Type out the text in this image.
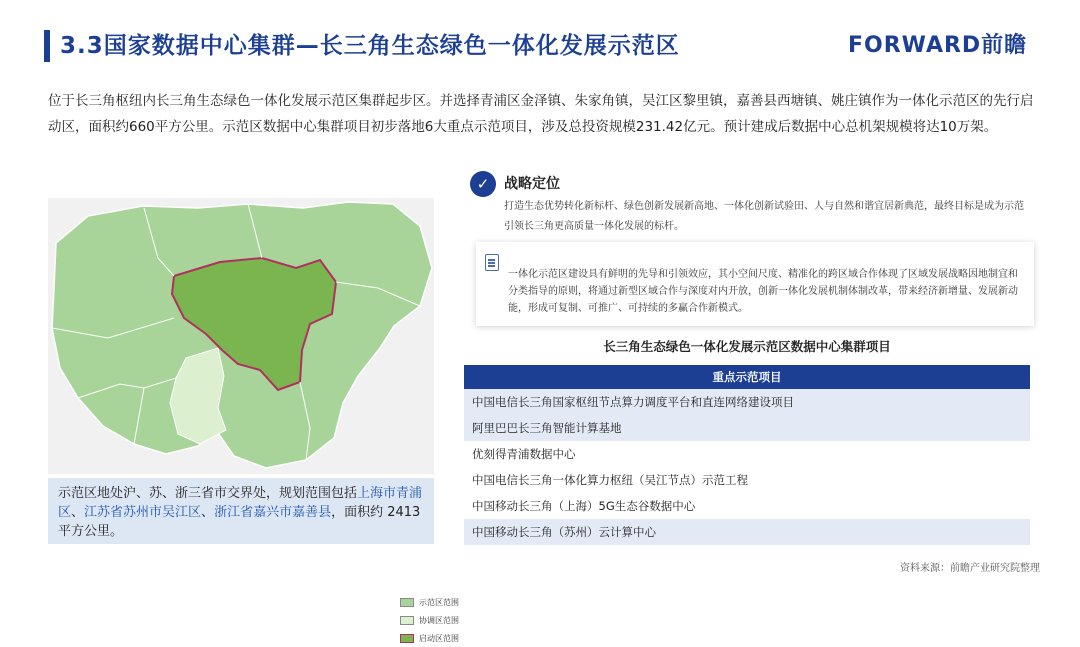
3.3国家数据中心集群—长三角生态绿色一体化发展示范区	FORWARD前瞻
位于长三角枢纽内长三角生态绿色一体化发展示范区集群起步区。并选择青浦区金泽镇、朱家角镇，吴江区黎里镇，嘉善县西塘镇、姚庄镇作为一体化示范区的先行启动区，面积约660平方公里。示范区数据中心集群项目初步落地6大重点示范项目，涉及总投资规模231.42亿元。预计建成后数据中心总机架规模将达10万架。
示范区范围
协调区范围
启动区范围
示范区地处沪、苏、浙三省市交界处，规划范围包括上海市青浦区、江苏省苏州市吴江区、浙江省嘉兴市嘉善县，面积约 2413 平方公里。
✓	战略定位
打造生态优势转化新标杆、绿色创新发展新高地、一体化创新试验田、人与自然和谐宜居新典范，最终目标是成为示范引领长三角更高质量一体化发展的标杆。
一体化示范区建设具有鲜明的先导和引领效应，其小空间尺度、精准化的跨区域合作体现了区域发展战略因地制宜和分类指导的原则，将通过新型区域合作与深度对内开放，创新一体化发展机制体制改革，带来经济新增量、发展新动能，形成可复制、可推广、可持续的多赢合作新模式。
长三角生态绿色一体化发展示范区数据中心集群项目
重点示范项目
中国电信长三角国家枢纽节点算力调度平台和直连网络建设项目
阿里巴巴长三角智能计算基地
优刻得青浦数据中心
中国电信长三角一体化算力枢纽（吴江节点）示范工程
中国移动长三角（上海）5G生态谷数据中心
中国移动长三角（苏州）云计算中心
资料来源：前瞻产业研究院整理
